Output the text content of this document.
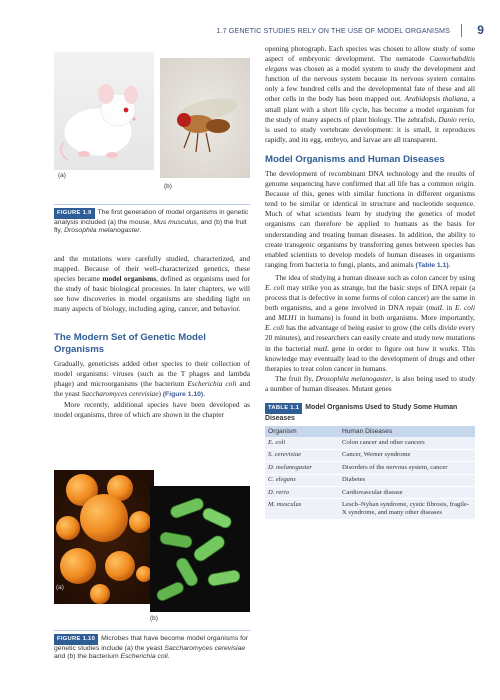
1.7 GENETIC STUDIES RELY ON THE USE OF MODEL ORGANISMS 9
(a)
(b)
FIGURE 1.9 The first generation of model organisms in genetic analysis included (a) the mouse, Mus musculus, and (b) the fruit fly, Drosophila melanogaster.

and the mutations were carefully studied, characterized, and mapped. Because of their well-characterized genetics, these species became model organisms, defined as organisms used for the study of basic biological processes. In later chapters, we will see how discoveries in model organisms are shedding light on many aspects of biology, including aging, cancer, and behavior.

The Modern Set of Genetic Model Organisms

Gradually, geneticists added other species to their collection of model organisms: viruses (such as the T phages and lambda phage) and microorganisms (the bacterium Escherichia coli and the yeast Saccharomyces cerevisiae) (Figure 1.10).

More recently, additional species have been developed as model organisms, three of which are shown in the chapter

(a)
(b)
FIGURE 1.10 Microbes that have become model organisms for genetic studies include (a) the yeast Saccharomyces cerevisiae and (b) the bacterium Escherichia coli.

opening photograph. Each species was chosen to allow study of some aspect of embryonic development. The nematode Caenorhabditis elegans was chosen as a model system to study the development and function of the nervous system because its nervous system contains only a few hundred cells and the developmental fate of these and all other cells in the body has been mapped out. Arabidopsis thaliana, a small plant with a short life cycle, has become a model organism for the study of many aspects of plant biology. The zebrafish, Danio rerio, is used to study vertebrate development: it is small, it reproduces rapidly, and its egg, embryo, and larvae are all transparent.

Model Organisms and Human Diseases

The development of recombinant DNA technology and the results of genome sequencing have confirmed that all life has a common origin. Because of this, genes with similar functions in different organisms tend to be similar or identical in structure and nucleotide sequence. Much of what scientists learn by studying the genetics of model organisms can therefore be applied to humans as the basis for understanding and treating human diseases. In addition, the ability to create transgenic organisms by transferring genes between species has enabled scientists to develop models of human diseases in organisms ranging from bacteria to fungi, plants, and animals (Table 1.1).

The idea of studying a human disease such as colon cancer by using E. coli may strike you as strange, but the basic steps of DNA repair (a process that is defective in some forms of colon cancer) are the same in both organisms, and a gene involved in DNA repair (mutL in E. coli and MLH1 in humans) is found in both organisms. More importantly, E. coli has the advantage of being easier to grow (the cells divide every 20 minutes), and researchers can easily create and study new mutations in the bacterial mutL gene in order to figure out how it works. This knowledge may eventually lead to the development of drugs and other therapies to treat colon cancer in humans.

The fruit fly, Drosophila melanogaster, is also being used to study a number of human diseases. Mutant genes

TABLE 1.1 Model Organisms Used to Study Some Human Diseases
Organism	Human Diseases
E. coli	Colon cancer and other cancers
S. cerevisiae	Cancer, Werner syndrome
D. melanogaster	Disorders of the nervous system, cancer
C. elegans	Diabetes
D. rerio	Cardiovascular disease
M. musculus	Lesch–Nyhan syndrome, cystic fibrosis, fragile-X syndrome, and many other diseases
